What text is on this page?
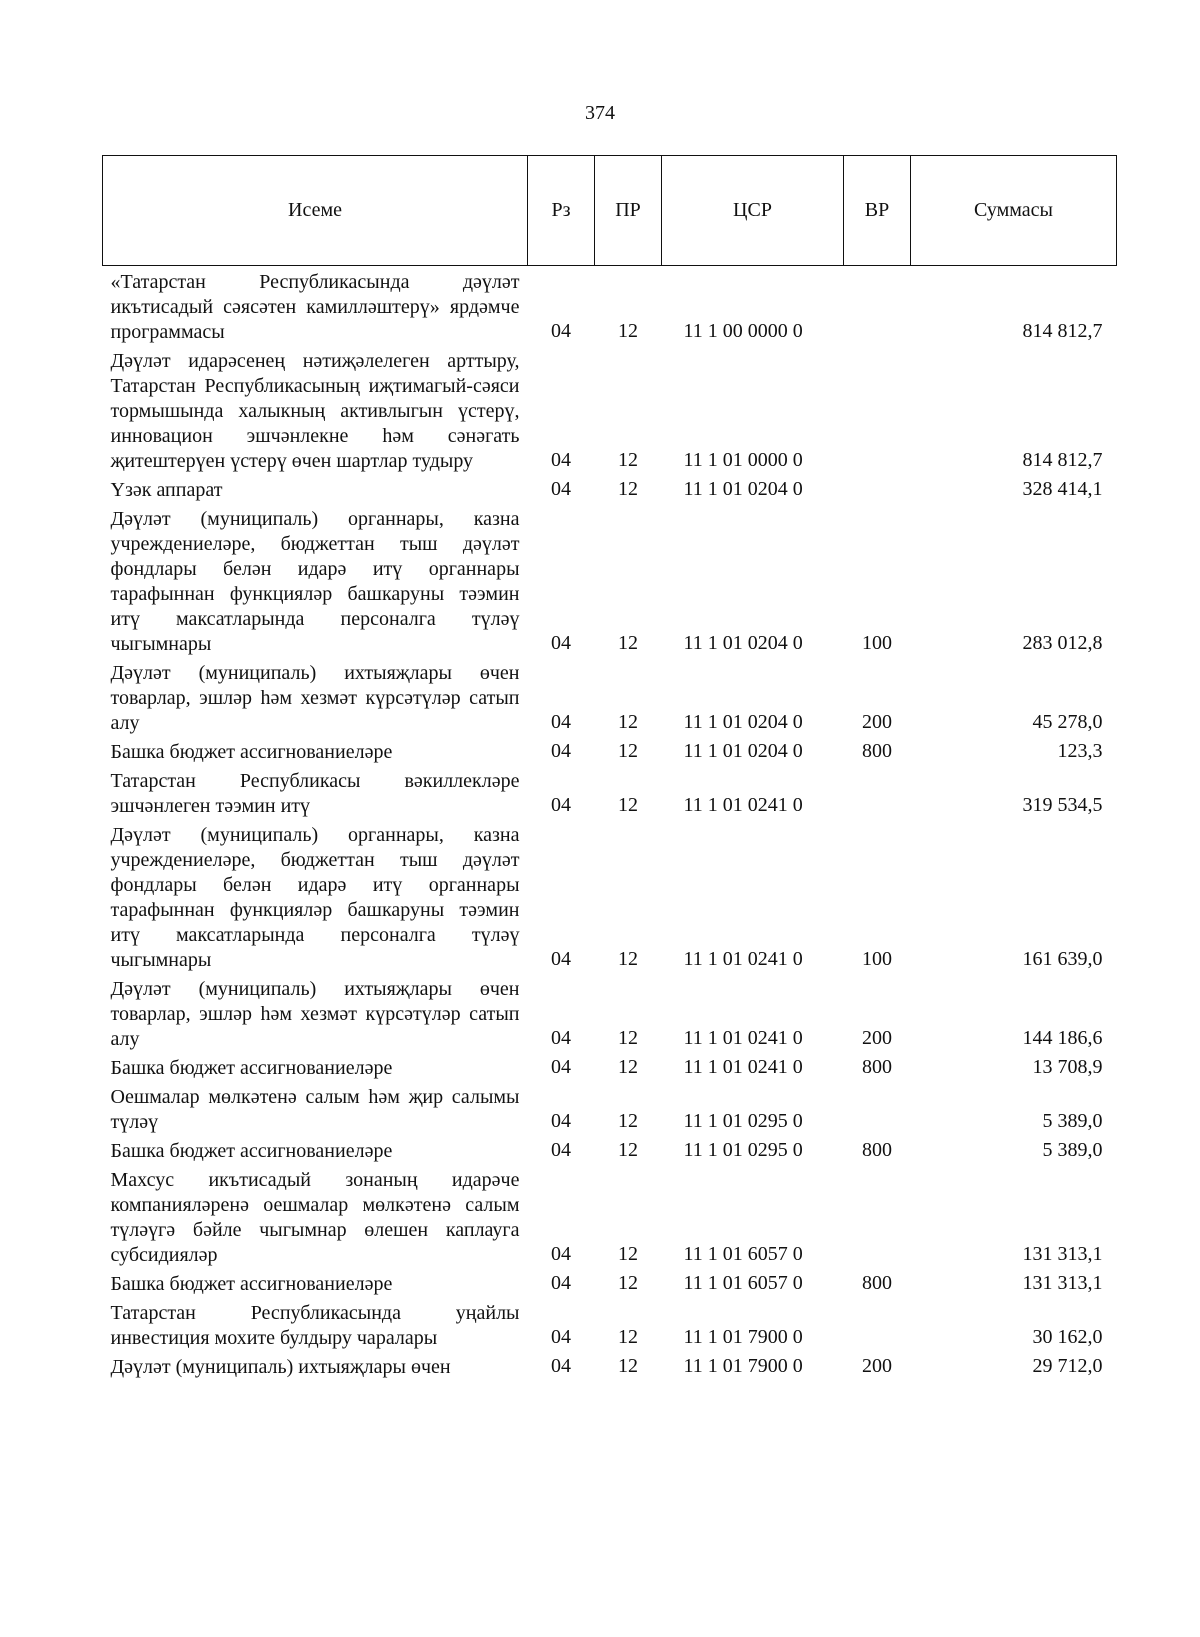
374
Исеме	Рз	ПР	ЦСР	ВР	Суммасы
«Татарстан Республикасында дәүләт икътисадый сәясәтен камилләштерү» ярдәмче программасы	04	12	11 1 00 0000 0		814 812,7
Дәүләт идарәсенең нәтиҗәлелеген арттыру, Татарстан Республикасының иҗтимагый-сәяси тормышында халыкның активлыгын үстерү, инновацион эшчәнлекне һәм сәнәгать җитештерүен үстерү өчен шартлар тудыру	04	12	11 1 01 0000 0		814 812,7
Үзәк аппарат	04	12	11 1 01 0204 0		328 414,1
Дәүләт (муниципаль) органнары, казна учреждениеләре, бюджеттан тыш дәүләт фондлары белән идарә итү органнары тарафыннан функцияләр башкаруны тәэмин итү максатларында персоналга түләү чыгымнары	04	12	11 1 01 0204 0	100	283 012,8
Дәүләт (муниципаль) ихтыяҗлары өчен товарлар, эшләр һәм хезмәт күрсәтүләр сатып алу	04	12	11 1 01 0204 0	200	45 278,0
Башка бюджет ассигнованиеләре	04	12	11 1 01 0204 0	800	123,3
Татарстан Республикасы вәкиллекләре эшчәнлеген тәэмин итү	04	12	11 1 01 0241 0		319 534,5
Дәүләт (муниципаль) органнары, казна учреждениеләре, бюджеттан тыш дәүләт фондлары белән идарә итү органнары тарафыннан функцияләр башкаруны тәэмин итү максатларында персоналга түләү чыгымнары	04	12	11 1 01 0241 0	100	161 639,0
Дәүләт (муниципаль) ихтыяҗлары өчен товарлар, эшләр һәм хезмәт күрсәтүләр сатып алу	04	12	11 1 01 0241 0	200	144 186,6
Башка бюджет ассигнованиеләре	04	12	11 1 01 0241 0	800	13 708,9
Оешмалар мөлкәтенә салым һәм җир салымы түләү	04	12	11 1 01 0295 0		5 389,0
Башка бюджет ассигнованиеләре	04	12	11 1 01 0295 0	800	5 389,0
Махсус икътисадый зонаның идарәче компанияләренә оешмалар мөлкәтенә салым түләүгә бәйле чыгымнар өлешен каплауга субсидияләр	04	12	11 1 01 6057 0		131 313,1
Башка бюджет ассигнованиеләре	04	12	11 1 01 6057 0	800	131 313,1
Татарстан Республикасында уңайлы инвестиция мохите булдыру чаралары	04	12	11 1 01 7900 0		30 162,0
Дәүләт (муниципаль) ихтыяҗлары өчен	04	12	11 1 01 7900 0	200	29 712,0
